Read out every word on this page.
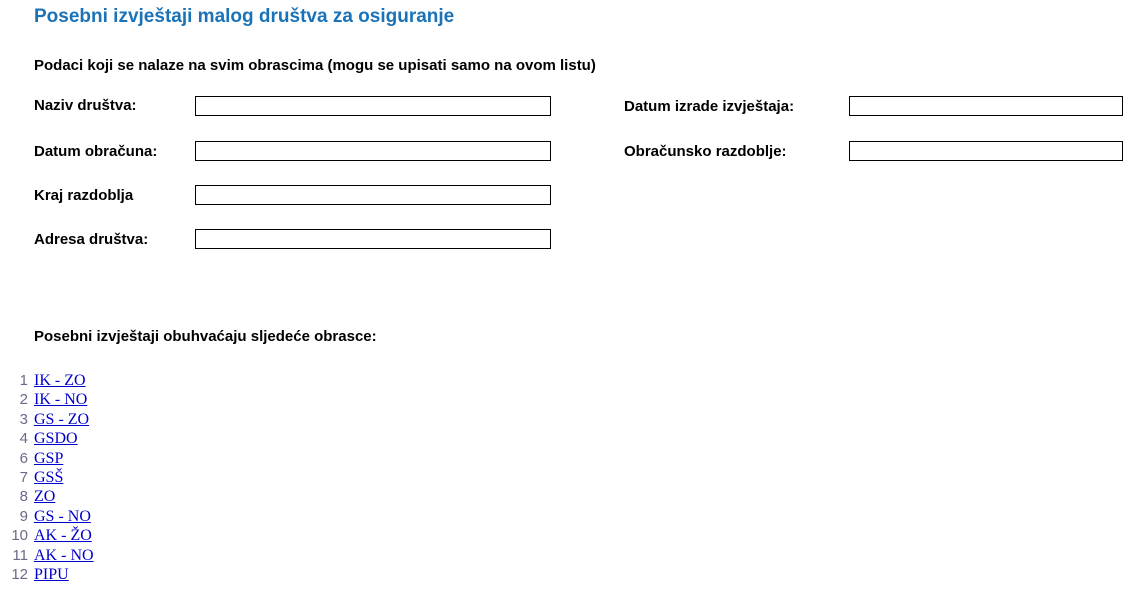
Posebni izvještaji malog društva za osiguranje
Podaci koji se nalaze na svim obrascima (mogu se upisati samo na ovom listu)
Naziv društva:
Datum obračuna:
Kraj razdoblja
Adresa društva:
Datum izrade izvještaja:
Obračunsko razdoblje:
Posebni izvještaji obuhvaćaju sljedeće obrasce:
1 IK - ZO
2 IK - NO
3 GS - ZO
4 GSDO
6 GSP
7 GSŠ
8 ZO
9 GS - NO
10 AK - ŽO
11 AK - NO
12 PIPU
